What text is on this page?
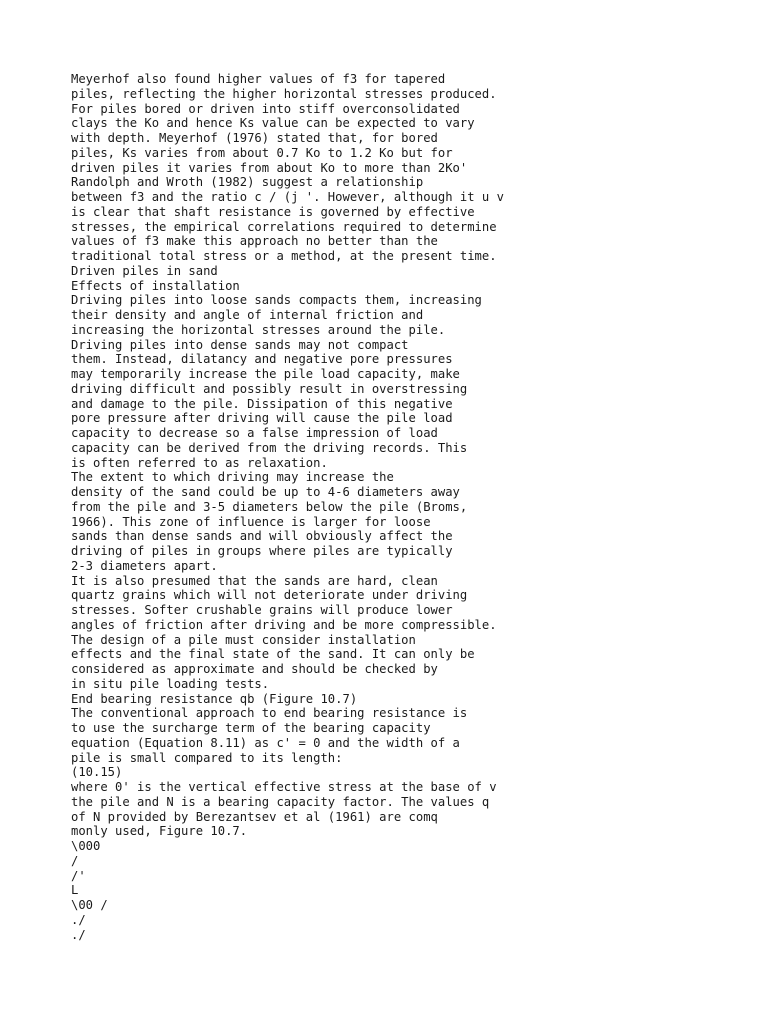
Meyerhof also found higher values of f3 for tapered
piles, reflecting the higher horizontal stresses produced.
For piles bored or driven into stiff overconsolidated
clays the Ko and hence Ks value can be expected to vary
with depth. Meyerhof (1976) stated that, for bored
piles, Ks varies from about 0.7 Ko to 1.2 Ko but for
driven piles it varies from about Ko to more than 2Ko'
Randolph and Wroth (1982) suggest a relationship
between f3 and the ratio c / (j '. However, although it u v
is clear that shaft resistance is governed by effective
stresses, the empirical correlations required to determine
values of f3 make this approach no better than the
traditional total stress or a method, at the present time.
Driven piles in sand
Effects of installation
Driving piles into loose sands compacts them, increasing
their density and angle of internal friction and
increasing the horizontal stresses around the pile.
Driving piles into dense sands may not compact
them. Instead, dilatancy and negative pore pressures
may temporarily increase the pile load capacity, make
driving difficult and possibly result in overstressing
and damage to the pile. Dissipation of this negative
pore pressure after driving will cause the pile load
capacity to decrease so a false impression of load
capacity can be derived from the driving records. This
is often referred to as relaxation.
The extent to which driving may increase the
density of the sand could be up to 4-6 diameters away
from the pile and 3-5 diameters below the pile (Broms,
1966). This zone of influence is larger for loose
sands than dense sands and will obviously affect the
driving of piles in groups where piles are typically
2-3 diameters apart.
It is also presumed that the sands are hard, clean
quartz grains which will not deteriorate under driving
stresses. Softer crushable grains will produce lower
angles of friction after driving and be more compressible.
The design of a pile must consider installation
effects and the final state of the sand. It can only be
considered as approximate and should be checked by
in situ pile loading tests.
End bearing resistance qb (Figure 10.7)
The conventional approach to end bearing resistance is
to use the surcharge term of the bearing capacity
equation (Equation 8.11) as c' = 0 and the width of a
pile is small compared to its length:
(10.15)
where 0' is the vertical effective stress at the base of v
the pile and N is a bearing capacity factor. The values q
of N provided by Berezantsev et al (1961) are comq
monly used, Figure 10.7.
\000
/
/'
L
\00 /
./
./
